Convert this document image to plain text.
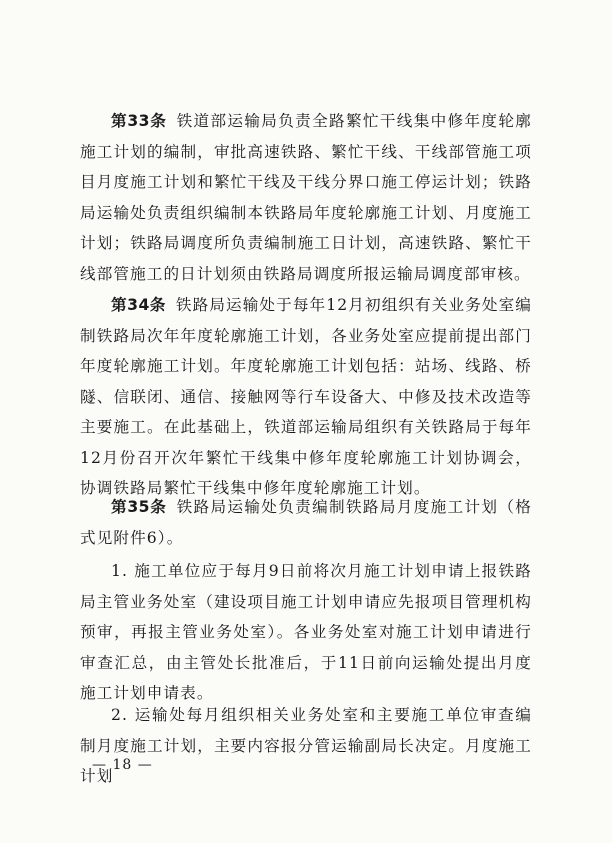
第33条 铁道部运输局负责全路繁忙干线集中修年度轮廓施工计划的编制，审批高速铁路、繁忙干线、干线部管施工项目月度施工计划和繁忙干线及干线分界口施工停运计划；铁路局运输处负责组织编制本铁路局年度轮廓施工计划、月度施工计划；铁路局调度所负责编制施工日计划，高速铁路、繁忙干线部管施工的日计划须由铁路局调度所报运输局调度部审核。

第34条 铁路局运输处于每年12月初组织有关业务处室编制铁路局次年年度轮廓施工计划，各业务处室应提前提出部门年度轮廓施工计划。年度轮廓施工计划包括：站场、线路、桥隧、信联闭、通信、接触网等行车设备大、中修及技术改造等主要施工。在此基础上，铁道部运输局组织有关铁路局于每年12月份召开次年繁忙干线集中修年度轮廓施工计划协调会，协调铁路局繁忙干线集中修年度轮廓施工计划。

第35条 铁路局运输处负责编制铁路局月度施工计划（格式见附件6）。

1. 施工单位应于每月9日前将次月施工计划申请上报铁路局主管业务处室（建设项目施工计划申请应先报项目管理机构预审，再报主管业务处室）。各业务处室对施工计划申请进行审查汇总，由主管处长批准后，于11日前向运输处提出月度施工计划申请表。

2. 运输处每月组织相关业务处室和主要施工单位审查编制月度施工计划，主要内容报分管运输副局长决定。月度施工计划

— 18 —
